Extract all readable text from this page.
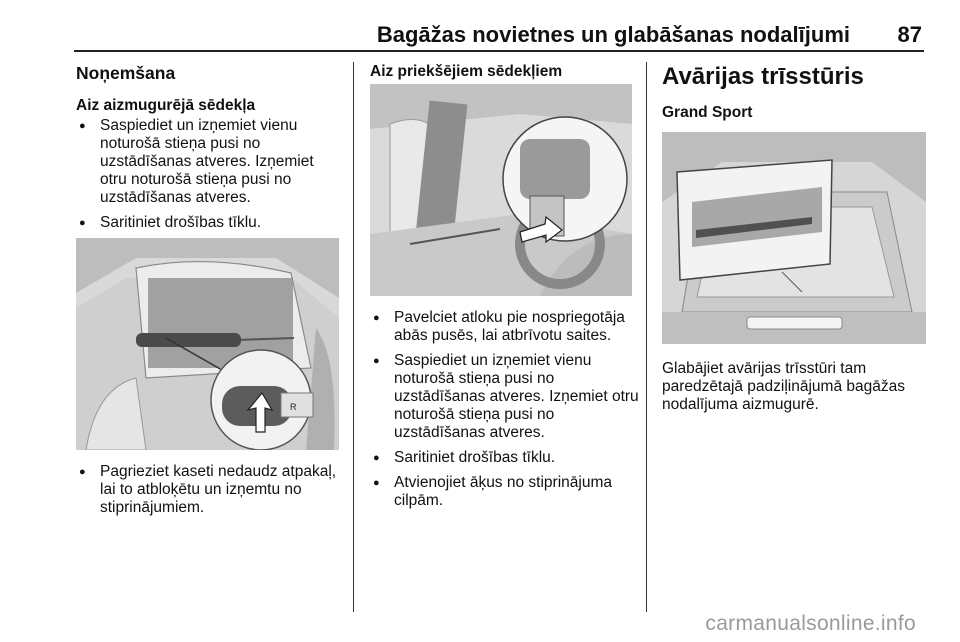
Bagāžas novietnes un glabāšanas nodalījumi 87
Noņemšana
Aiz aizmugurējā sēdekļa
● Saspiediet un izņemiet vienu noturošā stieņa pusi no uzstādīšanas atveres. Izņemiet otru noturošā stieņa pusi no uzstādīšanas atveres.
● Saritiniet drošības tīklu.
R
● Pagrieziet kaseti nedaudz atpakaļ, lai to atbloķētu un izņemtu no stiprinājumiem.
Aiz priekšējiem sēdekļiem
● Pavelciet atloku pie nospriegotāja abās pusēs, lai atbrīvotu saites.
● Saspiediet un izņemiet vienu noturošā stieņa pusi no uzstādīšanas atveres. Izņemiet otru noturošā stieņa pusi no uzstādīšanas atveres.
● Saritiniet drošības tīklu.
● Atvienojiet āķus no stiprinājuma cilpām.
Avārijas trīsstūris
Grand Sport

Glabājiet avārijas trīsstūri tam paredzētajā padziļinājumā bagāžas nodalījuma aizmugurē.

carmanualsonline.info
